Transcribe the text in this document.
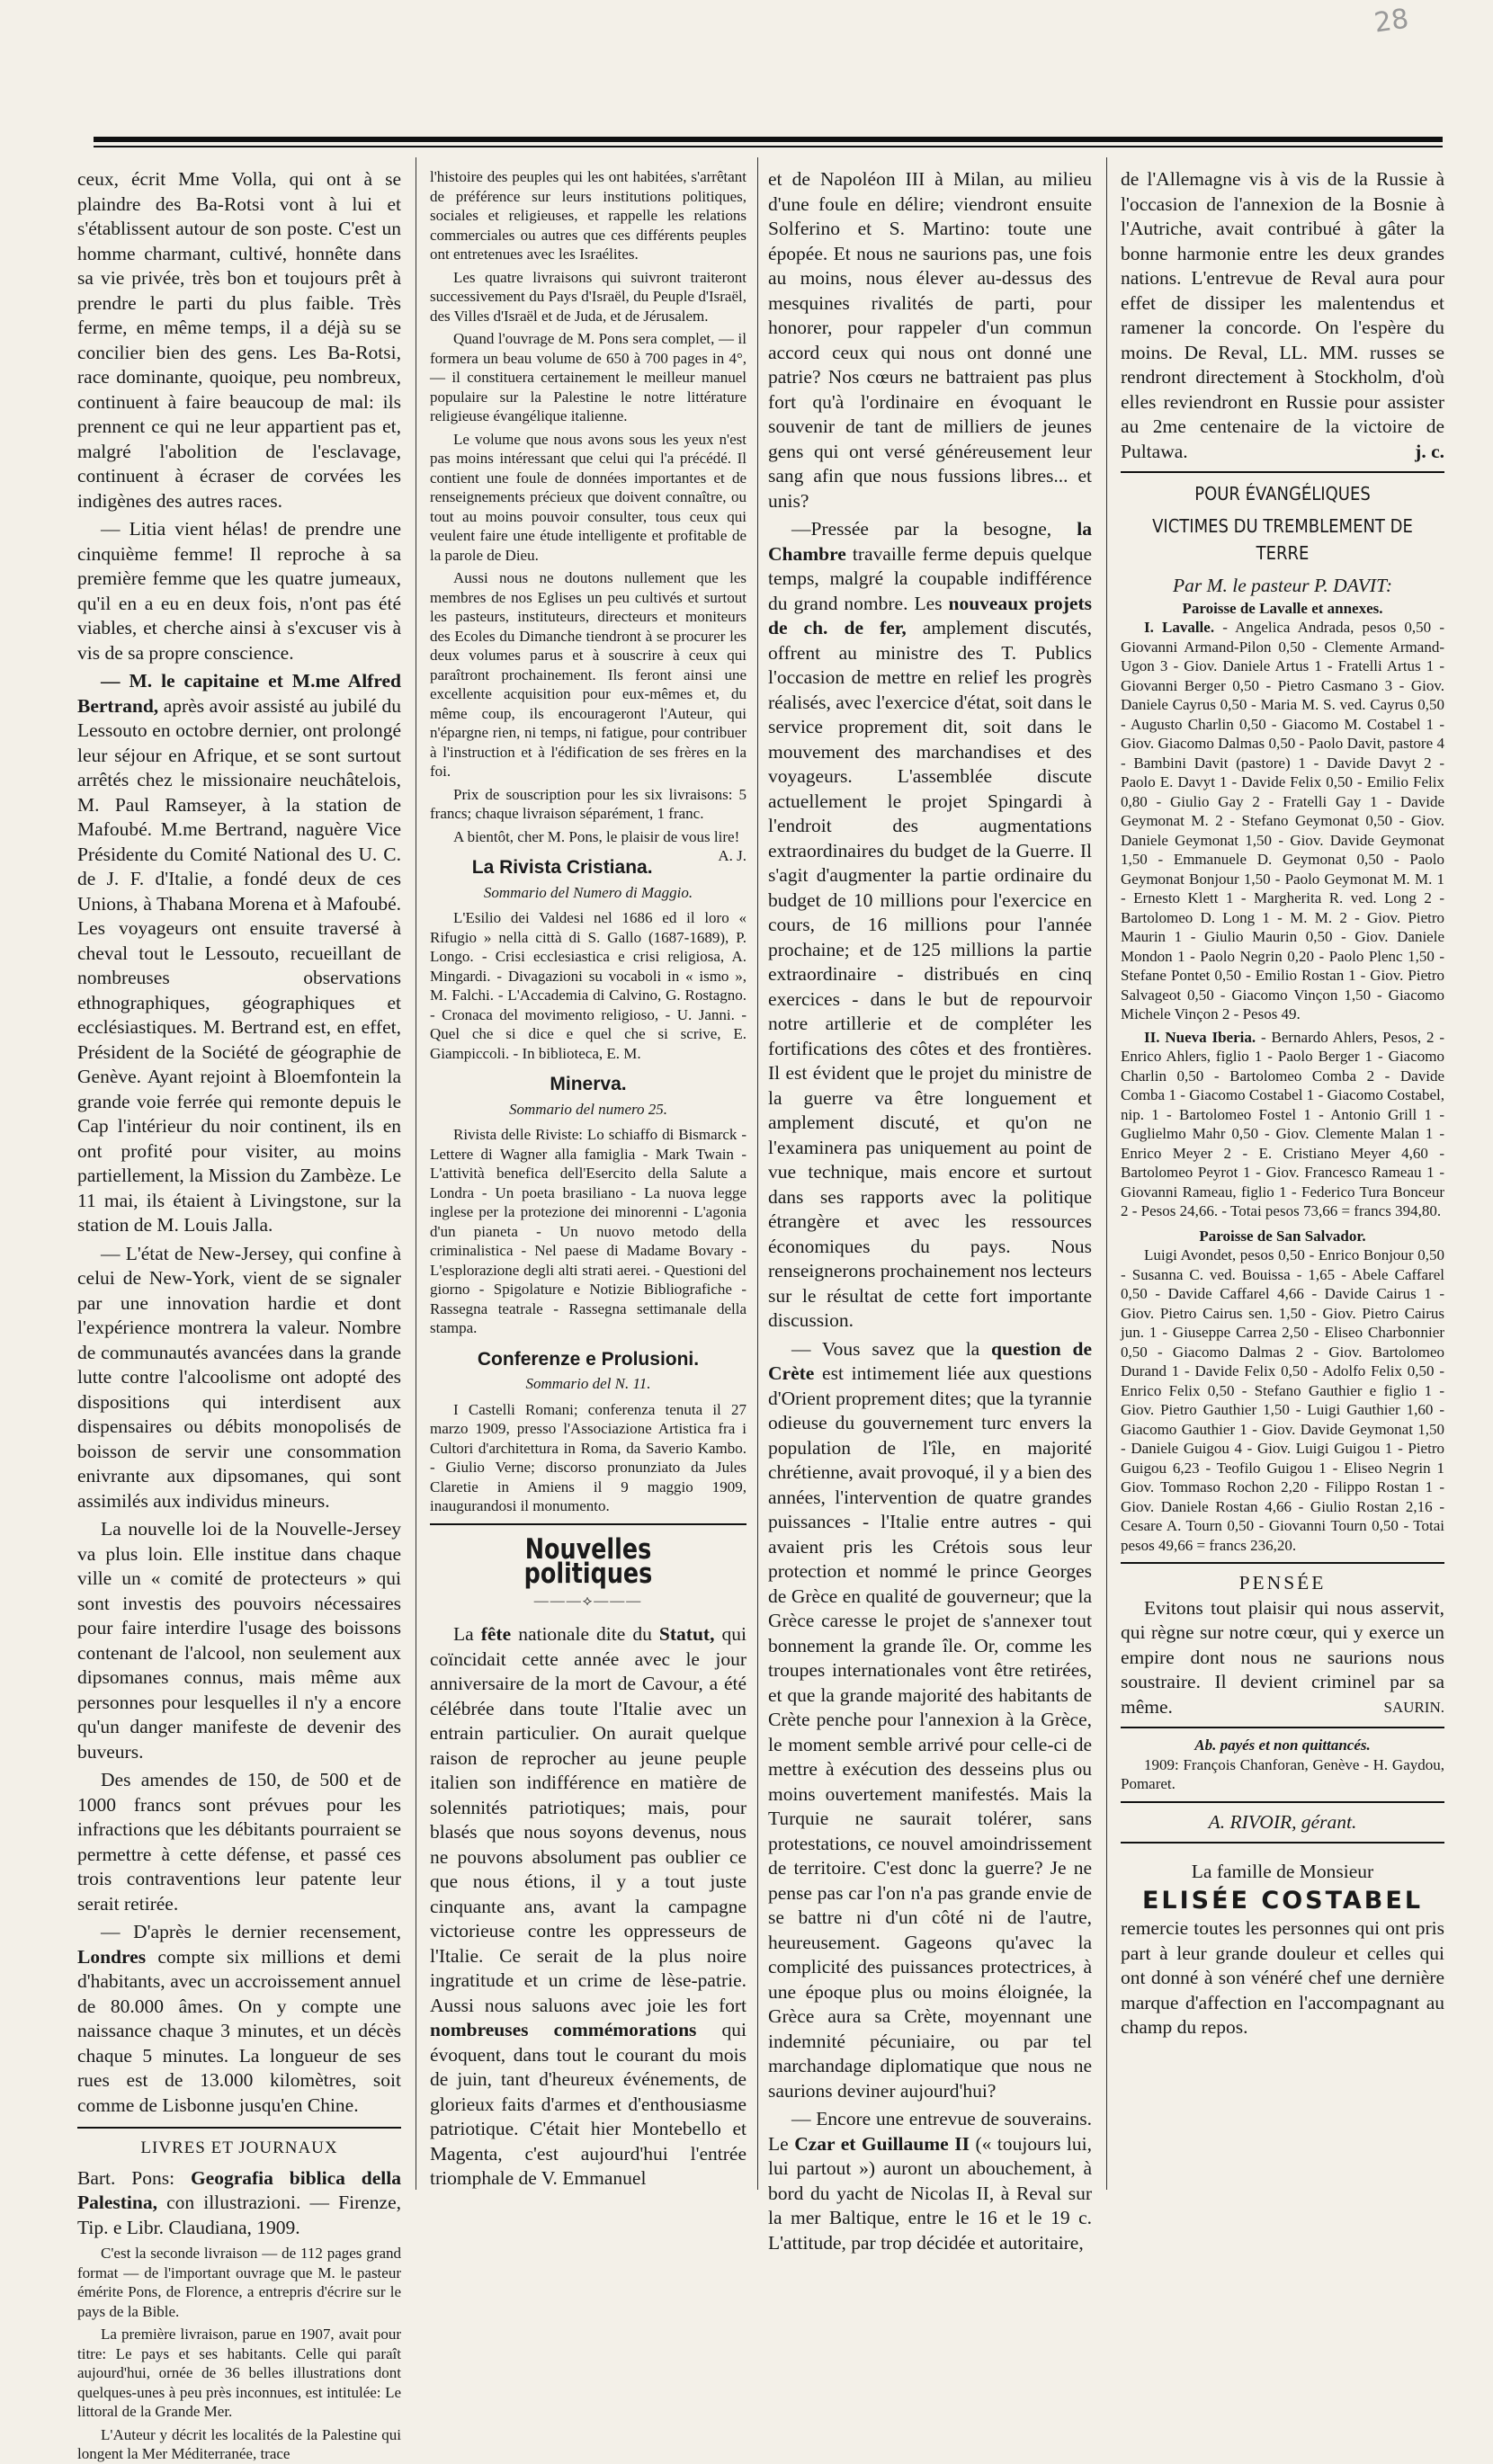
28

ceux, écrit Mme Volla, qui ont à se plaindre des Ba-Rotsi vont à lui et s'établissent autour de son poste. C'est un homme charmant, cultivé, honnête dans sa vie privée, très bon et toujours prêt à prendre le parti du plus faible. Très ferme, en même temps, il a déjà su se concilier bien des gens. Les Ba-Rotsi, race dominante, quoique, peu nombreux, continuent à faire beaucoup de mal: ils prennent ce qui ne leur appartient pas et, malgré l'abolition de l'esclavage, continuent à écraser de corvées les indigènes des autres races.

— Litia vient hélas! de prendre une cinquième femme! Il reproche à sa première femme que les quatre jumeaux, qu'il en a eu en deux fois, n'ont pas été viables, et cherche ainsi à s'excuser vis à vis de sa propre conscience.

— M. le capitaine et M.me Alfred Bertrand, après avoir assisté au jubilé du Lessouto en octobre dernier, ont prolongé leur séjour en Afrique, et se sont surtout arrêtés chez le missionaire neuchâtelois, M. Paul Ramseyer, à la station de Mafoubé. M.me Bertrand, naguère Vice Présidente du Comité National des U. C. de J. F. d'Italie, a fondé deux de ces Unions, à Thabana Morena et à Mafoubé. Les voyageurs ont ensuite traversé à cheval tout le Lessouto, recueillant de nombreuses observations ethnographiques, géographiques et ecclésiastiques. M. Bertrand est, en effet, Président de la Société de géographie de Genève. Ayant rejoint à Bloemfontein la grande voie ferrée qui remonte depuis le Cap l'intérieur du noir continent, ils en ont profité pour visiter, au moins partiellement, la Mission du Zambèze. Le 11 mai, ils étaient à Livingstone, sur la station de M. Louis Jalla.

— L'état de New-Jersey, qui confine à celui de New-York, vient de se signaler par une innovation hardie et dont l'expérience montrera la valeur. Nombre de communautés avancées dans la grande lutte contre l'alcoolisme ont adopté des dispositions qui interdisent aux dispensaires ou débits monopolisés de boisson de servir une consommation enivrante aux dipsomanes, qui sont assimilés aux individus mineurs.

La nouvelle loi de la Nouvelle-Jersey va plus loin. Elle institue dans chaque ville un « comité de protecteurs » qui sont investis des pouvoirs nécessaires pour faire interdire l'usage des boissons contenant de l'alcool, non seulement aux dipsomanes connus, mais même aux personnes pour lesquelles il n'y a encore qu'un danger manifeste de devenir des buveurs.

Des amendes de 150, de 500 et de 1000 francs sont prévues pour les infractions que les débitants pourraient se permettre à cette défense, et passé ces trois contraventions leur patente leur serait retirée.

— D'après le dernier recensement, Londres compte six millions et demi d'habitants, avec un accroissement annuel de 80.000 âmes. On y compte une naissance chaque 3 minutes, et un décès chaque 5 minutes. La longueur de ses rues est de 13.000 kilomètres, soit comme de Lisbonne jusqu'en Chine.

LIVRES ET JOURNAUX

Bart. Pons: Geografia biblica della Palestina, con illustrazioni. — Firenze, Tip. e Libr. Claudiana, 1909.

C'est la seconde livraison — de 112 pages grand format — de l'important ouvrage que M. le pasteur émérite Pons, de Florence, a entrepris d'écrire sur le pays de la Bible.

La première livraison, parue en 1907, avait pour titre: Le pays et ses habitants. Celle qui paraît aujourd'hui, ornée de 36 belles illustrations dont quelques-unes à peu près inconnues, est intitulée: Le littoral de la Grande Mer.

L'Auteur y décrit les localités de la Palestine qui longent la Mer Méditerranée, trace

l'histoire des peuples qui les ont habitées, s'arrêtant de préférence sur leurs institutions politiques, sociales et religieuses, et rappelle les relations commerciales ou autres que ces différents peuples ont entretenues avec les Israélites.

Les quatre livraisons qui suivront traiteront successivement du Pays d'Israël, du Peuple d'Israël, des Villes d'Israël et de Juda, et de Jérusalem.

Quand l'ouvrage de M. Pons sera complet, — il formera un beau volume de 650 à 700 pages in 4°, — il constituera certainement le meilleur manuel populaire sur la Palestine le notre littérature religieuse évangélique italienne.

Le volume que nous avons sous les yeux n'est pas moins intéressant que celui qui l'a précédé. Il contient une foule de données importantes et de renseignements précieux que doivent connaître, ou tout au moins pouvoir consulter, tous ceux qui veulent faire une étude intelligente et profitable de la parole de Dieu.

Aussi nous ne doutons nullement que les membres de nos Eglises un peu cultivés et surtout les pasteurs, instituteurs, directeurs et moniteurs des Ecoles du Dimanche tiendront à se procurer les deux volumes parus et à souscrire à ceux qui paraîtront prochainement. Ils feront ainsi une excellente acquisition pour eux-mêmes et, du même coup, ils encourageront l'Auteur, qui n'épargne rien, ni temps, ni fatigue, pour contribuer à l'instruction et à l'édification de ses frères en la foi.

Prix de souscription pour les six livraisons: 5 francs; chaque livraison séparément, 1 franc.

A bientôt, cher M. Pons, le plaisir de vous lire!
A. J.

La Rivista Cristiana.
Sommario del Numero di Maggio.

L'Esilio dei Valdesi nel 1686 ed il loro « Rifugio » nella città di S. Gallo (1687-1689), P. Longo. - Crisi ecclesiastica e crisi religiosa, A. Mingardi. - Divagazioni su vocaboli in « ismo », M. Falchi. - L'Accademia di Calvino, G. Rostagno. - Cronaca del movimento religioso, - U. Janni. - Quel che si dice e quel che si scrive, E. Giampiccoli. - In biblioteca, E. M.

Minerva.
Sommario del numero 25.

Rivista delle Riviste: Lo schiaffo di Bismarck - Lettere di Wagner alla famiglia - Mark Twain - L'attività benefica dell'Esercito della Salute a Londra - Un poeta brasiliano - La nuova legge inglese per la protezione dei minorenni - L'agonia d'un pianeta - Un nuovo metodo della criminalistica - Nel paese di Madame Bovary - L'esplorazione degli alti strati aerei. - Questioni del giorno - Spigolature e Notizie Bibliografiche - Rassegna teatrale - Rassegna settimanale della stampa.

Conferenze e Prolusioni.
Sommario del N. 11.

I Castelli Romani; conferenza tenuta il 27 marzo 1909, presso l'Associazione Artistica fra i Cultori d'architettura in Roma, da Saverio Kambo. - Giulio Verne; discorso pronunziato da Jules Claretie in Amiens il 9 maggio 1909, inaugurandosi il monumento.

Nouvelles politiques
———⟡———

La fête nationale dite du Statut, qui coïncidait cette année avec le jour anniversaire de la mort de Cavour, a été célébrée dans toute l'Italie avec un entrain particulier. On aurait quelque raison de reprocher au jeune peuple italien son indifférence en matière de solennités patriotiques; mais, pour blasés que nous soyons devenus, nous ne pouvons absolument pas oublier ce que nous étions, il y a tout juste cinquante ans, avant la campagne victorieuse contre les oppresseurs de l'Italie. Ce serait de la plus noire ingratitude et un crime de lèse-patrie. Aussi nous saluons avec joie les fort nombreuses commémorations qui évoquent, dans tout le courant du mois de juin, tant d'heureux événements, de glorieux faits d'armes et d'enthousiasme patriotique. C'était hier Montebello et Magenta, c'est aujourd'hui l'entrée triomphale de V. Emmanuel

et de Napoléon III à Milan, au milieu d'une foule en délire; viendront ensuite Solferino et S. Martino: toute une épopée. Et nous ne saurions pas, une fois au moins, nous élever au-dessus des mesquines rivalités de parti, pour honorer, pour rappeler d'un commun accord ceux qui nous ont donné une patrie? Nos cœurs ne battraient pas plus fort qu'à l'ordinaire en évoquant le souvenir de tant de milliers de jeunes gens qui ont versé généreusement leur sang afin que nous fussions libres... et unis?

—Pressée par la besogne, la Chambre travaille ferme depuis quelque temps, malgré la coupable indifférence du grand nombre. Les nouveaux projets de ch. de fer, amplement discutés, offrent au ministre des T. Publics l'occasion de mettre en relief les progrès réalisés, avec l'exercice d'état, soit dans le service proprement dit, soit dans le mouvement des marchandises et des voyageurs. L'assemblée discute actuellement le projet Spingardi à l'endroit des augmentations extraordinaires du budget de la Guerre. Il s'agit d'augmenter la partie ordinaire du budget de 10 millions pour l'exercice en cours, de 16 millions pour l'année prochaine; et de 125 millions la partie extraordinaire - distribués en cinq exercices - dans le but de repourvoir notre artillerie et de compléter les fortifications des côtes et des frontières. Il est évident que le projet du ministre de la guerre va être longuement et amplement discuté, et qu'on ne l'examinera pas uniquement au point de vue technique, mais encore et surtout dans ses rapports avec la politique étrangère et avec les ressources économiques du pays. Nous renseignerons prochainement nos lecteurs sur le résultat de cette fort importante discussion.

— Vous savez que la question de Crète est intimement liée aux questions d'Orient proprement dites; que la tyrannie odieuse du gouvernement turc envers la population de l'île, en majorité chrétienne, avait provoqué, il y a bien des années, l'intervention de quatre grandes puissances - l'Italie entre autres - qui avaient pris les Crétois sous leur protection et nommé le prince Georges de Grèce en qualité de gouverneur; que la Grèce caresse le projet de s'annexer tout bonnement la grande île. Or, comme les troupes internationales vont être retirées, et que la grande majorité des habitants de Crète penche pour l'annexion à la Grèce, le moment semble arrivé pour celle-ci de mettre à exécution des desseins plus ou moins ouvertement manifestés. Mais la Turquie ne saurait tolérer, sans protestations, ce nouvel amoindrissement de territoire. C'est donc la guerre? Je ne pense pas car l'on n'a pas grande envie de se battre ni d'un côté ni de l'autre, heureusement. Gageons qu'avec la complicité des puissances protectrices, à une époque plus ou moins éloignée, la Grèce aura sa Crète, moyennant une indemnité pécuniaire, ou par tel marchandage diplomatique que nous ne saurions deviner aujourd'hui?

— Encore une entrevue de souverains. Le Czar et Guillaume II (« toujours lui, lui partout ») auront un abouchement, à bord du yacht de Nicolas II, à Reval sur la mer Baltique, entre le 16 et le 19 c. L'attitude, par trop décidée et autoritaire,

de l'Allemagne vis à vis de la Russie à l'occasion de l'annexion de la Bosnie à l'Autriche, avait contribué à gâter la bonne harmonie entre les deux grandes nations. L'entrevue de Reval aura pour effet de dissiper les malentendus et ramener la concorde. On l'espère du moins. De Reval, LL. MM. russes se rendront directement à Stockholm, d'où elles reviendront en Russie pour assister au 2me centenaire de la victoire de Pultawa.	j. c.

POUR ÉVANGÉLIQUES
VICTIMES DU TREMBLEMENT DE TERRE
Par M. le pasteur P. DAVIT:
Paroisse de Lavalle et annexes.

I. Lavalle. - Angelica Andrada, pesos 0,50 - Giovanni Armand-Pilon 0,50 - Clemente Armand-Ugon 3 - Giov. Daniele Artus 1 - Fratelli Artus 1 - Giovanni Berger 0,50 - Pietro Casmano 3 - Giov. Daniele Cayrus 0,50 - Maria M. S. ved. Cayrus 0,50 - Augusto Charlin 0,50 - Giacomo M. Costabel 1 - Giov. Giacomo Dalmas 0,50 - Paolo Davit, pastore 4 - Bambini Davit (pastore) 1 - Davide Davyt 2 - Paolo E. Davyt 1 - Davide Felix 0,50 - Emilio Felix 0,80 - Giulio Gay 2 - Fratelli Gay 1 - Davide Geymonat M. 2 - Stefano Geymonat 0,50 - Giov. Daniele Geymonat 1,50 - Giov. Davide Geymonat 1,50 - Emmanuele D. Geymonat 0,50 - Paolo Geymonat Bonjour 1,50 - Paolo Geymonat M. M. 1 - Ernesto Klett 1 - Margherita R. ved. Long 2 - Bartolomeo D. Long 1 - M. M. 2 - Giov. Pietro Maurin 1 - Giulio Maurin 0,50 - Giov. Daniele Mondon 1 - Paolo Negrin 0,20 - Paolo Plenc 1,50 - Stefane Pontet 0,50 - Emilio Rostan 1 - Giov. Pietro Salvageot 0,50 - Giacomo Vinçon 1,50 - Giacomo Michele Vinçon 2 - Pesos 49.

II. Nueva Iberia. - Bernardo Ahlers, Pesos, 2 - Enrico Ahlers, figlio 1 - Paolo Berger 1 - Giacomo Charlin 0,50 - Bartolomeo Comba 2 - Davide Comba 1 - Giacomo Costabel 1 - Giacomo Costabel, nip. 1 - Bartolomeo Fostel 1 - Antonio Grill 1 - Guglielmo Mahr 0,50 - Giov. Clemente Malan 1 - Enrico Meyer 2 - E. Cristiano Meyer 4,60 - Bartolomeo Peyrot 1 - Giov. Francesco Rameau 1 - Giovanni Rameau, figlio 1 - Federico Tura Bonceur 2 - Pesos 24,66. - Totai pesos 73,66 = francs 394,80.

Paroisse de San Salvador.

Luigi Avondet, pesos 0,50 - Enrico Bonjour 0,50 - Susanna C. ved. Bouissa - 1,65 - Abele Caffarel 0,50 - Davide Caffarel 4,66 - Davide Cairus 1 - Giov. Pietro Cairus sen. 1,50 - Giov. Pietro Cairus jun. 1 - Giuseppe Carrea 2,50 - Eliseo Charbonnier 0,50 - Giacomo Dalmas 2 - Giov. Bartolomeo Durand 1 - Davide Felix 0,50 - Adolfo Felix 0,50 - Enrico Felix 0,50 - Stefano Gauthier e figlio 1 - Giov. Pietro Gauthier 1,50 - Luigi Gauthier 1,60 - Giacomo Gauthier 1 - Giov. Davide Geymonat 1,50 - Daniele Guigou 4 - Giov. Luigi Guigou 1 - Pietro Guigou 6,23 - Teofilo Guigou 1 - Eliseo Negrin 1 Giov. Tommaso Rochon 2,20 - Filippo Rostan 1 - Giov. Daniele Rostan 4,66 - Giulio Rostan 2,16 - Cesare A. Tourn 0,50 - Giovanni Tourn 0,50 - Totai pesos 49,66 = francs 236,20.

PENSÉE

Evitons tout plaisir qui nous asservit, qui règne sur notre cœur, qui y exerce un empire dont nous ne saurions nous soustraire. Il devient criminel par sa même.	SAURIN.

Ab. payés et non quittancés.

1909: François Chanforan, Genève - H. Gaydou, Pomaret.

A. RIVOIR, gérant.
La famille de Monsieur
ELISÉE COSTABEL

remercie toutes les personnes qui ont pris part à leur grande douleur et celles qui ont donné à son vénéré chef une dernière marque d'affection en l'accompagnant au champ du repos.
